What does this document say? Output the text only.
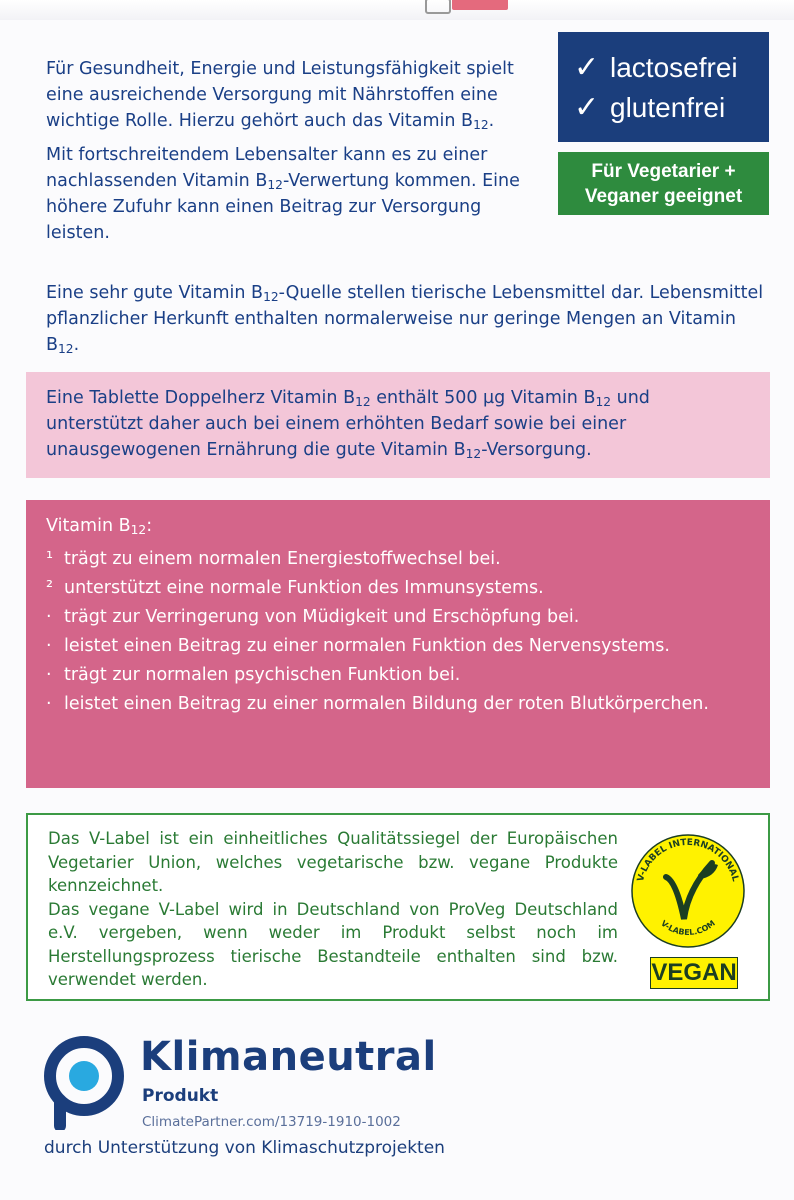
Für Gesundheit, Energie und Leistungsfähigkeit spielt eine ausreichende Versorgung mit Nährstoffen eine wichtige Rolle. Hierzu gehört auch das Vitamin $B_{12}$.

Mit fortschreitendem Lebensalter kann es zu einer nachlassenden Vitamin $B_{12}$-Verwertung kommen. Eine höhere Zufuhr kann einen Beitrag zur Versorgung leisten.

✓ lactosefrei
✓ glutenfrei
Für Vegetarier +
Veganer geeignet
Eine sehr gute Vitamin $B_{12}$-Quelle stellen tierische Lebensmittel dar. Lebensmittel pflanzlicher Herkunft enthalten normalerweise nur geringe Mengen an Vitamin $B_{12}$.
Eine Tablette Doppelherz Vitamin $B_{12}$ enthält 500 µg Vitamin $B_{12}$ und unterstützt daher auch bei einem erhöhten Bedarf sowie bei einer unausgewogenen Ernährung die gute Vitamin $B_{12}$-Versorgung.
Vitamin $B_{12}$:
¹ trägt zu einem normalen Energiestoffwechsel bei.
² unterstützt eine normale Funktion des Immunsystems.
· trägt zur Verringerung von Müdigkeit und Erschöpfung bei.
· leistet einen Beitrag zu einer normalen Funktion des Nervensystems.
· trägt zur normalen psychischen Funktion bei.
· leistet einen Beitrag zu einer normalen Bildung der roten Blutkörperchen.
Das V-Label ist ein einheitliches Qualitätssiegel der Europäischen Vegetarier Union, welches vegetarische bzw. vegane Produkte kennzeichnet.
Das vegane V-Label wird in Deutschland von ProVeg Deutschland e.V. vergeben, wenn weder im Produkt selbst noch im Herstellungsprozess tierische Bestandteile enthalten sind bzw. verwendet werden.
V-LABEL INTERNATIONAL
V-LABEL.COM
VEGAN
Klimaneutral
Produkt
ClimatePartner.com/13719-1910-1002
durch Unterstützung von Klimaschutzprojekten
